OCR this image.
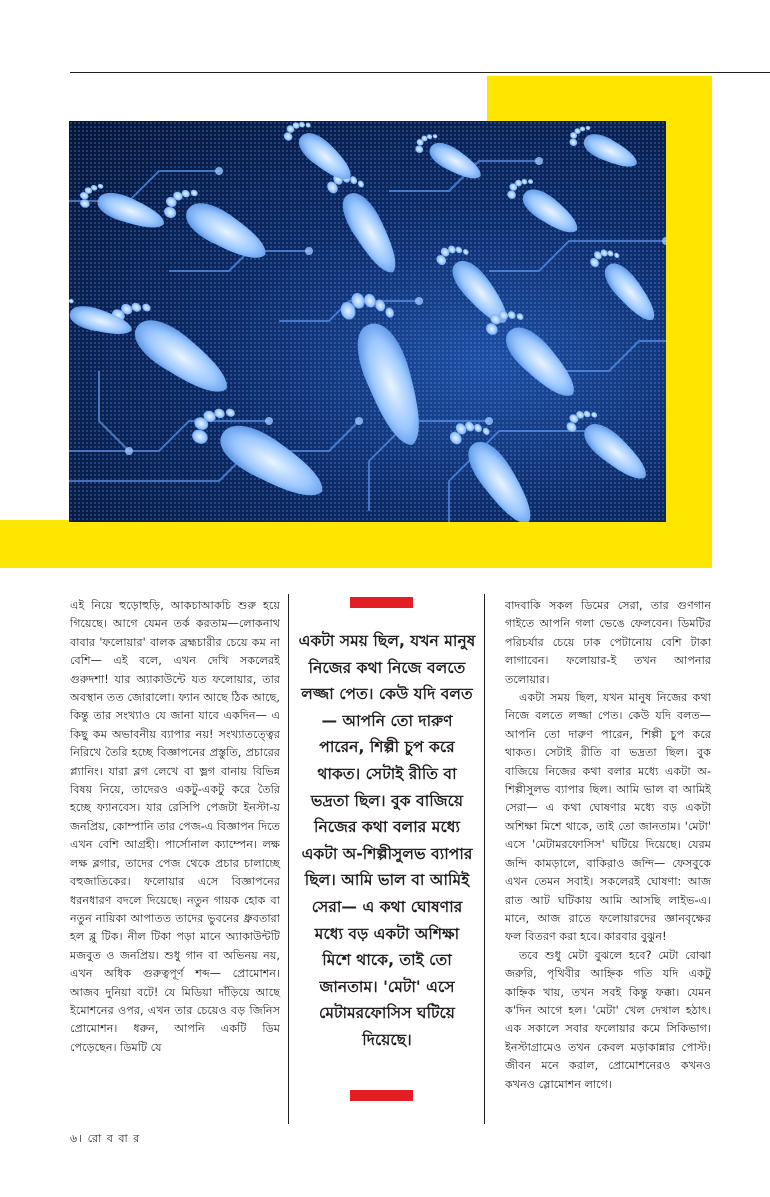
এই নিয়ে হুড়োহুড়ি, আকচাআকচি শুরু হয়ে গিয়েছে। আগে যেমন তর্ক করতাম—লোকনাথ বাবার 'ফলোয়ার' বালক ব্রহ্মচারীর চেয়ে কম না বেশি— এই বলে, এখন দেখি সকলেরই গুরুদশা! যার অ্যাকাউন্টে যত ফলোয়ার, তার অবস্থান তত জোরালো। ফ্যান আছে ঠিক আছে, কিন্তু তার সংখ্যাও যে জানা যাবে একদিন— এ কিছু কম অভাবনীয় ব্যাপার নয়! সংখ্যাতত্ত্বের নিরিখে তৈরি হচ্ছে বিজ্ঞাপনের প্রস্তুতি, প্রচারের প্ল্যানিং। যারা ব্লগ লেখে বা ভ্লগ বানায় বিভিন্ন বিষয় নিয়ে, তাদেরও একটু-একটু করে তৈরি হচ্ছে ফ্যানবেস। যার রেসিপি পেজটা ইনস্টা-য় জনপ্রিয়, কোম্পানি তার পেজ-এ বিজ্ঞাপন দিতে এখন বেশি আগ্রহী। পার্সোনাল ক্যাম্পেন। লক্ষ লক্ষ ব্লগার, তাদের পেজ থেকে প্রচার চালাচ্ছে বহুজাতিকের। ফলোয়ার এসে বিজ্ঞাপনের ধরনধারণ বদলে দিয়েছে। নতুন গায়ক হোক বা নতুন নায়িকা আপাতত তাদের ভুবনের ধ্রুবতারা হল ব্লু টিক। নীল টিকা পড়া মানে অ্যাকাউন্টটি মজবুত ও জনপ্রিয়। শুধু গান বা অভিনয় নয়, এখন অধিক গুরুত্বপূর্ণ শব্দ— প্রোমোশন। আজব দুনিয়া বটে! যে মিডিয়া দাঁড়িয়ে আছে ইমোশনের ওপর, এখন তার চেয়েও বড় জিনিস প্রোমোশন। ধরুন, আপনি একটি ডিম পেড়েছেন। ডিমটি যে

একটা সময় ছিল, যখন মানুষ নিজের কথা নিজে বলতে লজ্জা পেত। কেউ যদি বলত— আপনি তো দারুণ পারেন, শিল্পী চুপ করে থাকত। সেটাই রীতি বা ভদ্রতা ছিল। বুক বাজিয়ে নিজের কথা বলার মধ্যে একটা অ-শিল্পীসুলভ ব্যাপার ছিল। আমি ভাল বা আমিই সেরা— এ কথা ঘোষণার মধ্যে বড় একটা অশিক্ষা মিশে থাকে, তাই তো জানতাম। 'মেটা' এসে মেটামরফোসিস ঘটিয়ে দিয়েছে।

বাদবাকি সকল ডিমের সেরা, তার গুণগান গাইতে আপনি গলা ভেঙে ফেলবেন। ডিমটির পরিচর্যার চেয়ে ঢাক পেটানোয় বেশি টাকা লাগাবেন। ফলোয়ার-ই তখন আপনার তলোয়ার।

একটা সময় ছিল, যখন মানুষ নিজের কথা নিজে বলতে লজ্জা পেত। কেউ যদি বলত— আপনি তো দারুণ পারেন, শিল্পী চুপ করে থাকত। সেটাই রীতি বা ভদ্রতা ছিল। বুক বাজিয়ে নিজের কথা বলার মধ্যে একটা অ-শিল্পীসুলভ ব্যাপার ছিল। আমি ভাল বা আমিই সেরা— এ কথা ঘোষণার মধ্যে বড় একটা অশিক্ষা মিশে থাকে, তাই তো জানতাম। 'মেটা' এসে 'মেটামরফোসিস' ঘটিয়ে দিয়েছে। যেরম জন্দি কামড়ালে, বাকিরাও জন্দি— ফেসবুকে এখন তেমন সবাই। সকলেরই ঘোষণা: আজ রাত আট ঘটিকায় আমি আসছি লাইভ-এ। মানে, আজ রাতে ফলোয়ারদের জ্ঞানবৃক্ষের ফল বিতরণ করা হবে। কারবার বুঝুন!

তবে শুধু মেটা বুঝলে হবে? মেটা বোঝা জরুরি, পৃথিবীর আহ্নিক গতি যদি একটু কাহ্নিক খায়, তখন সবই কিন্তু ফক্কা। যেমন ক'দিন আগে হল। 'মেটা' খেল দেখাল হঠাৎ। এক সকালে সবার ফলোয়ার কমে সিকিভাগ। ইনস্টাগ্রামেও তখন কেবল মড়াকান্নার পোস্ট। জীবন মনে করাল, প্রোমোশনেরও কখনও কখনও স্লোমোশন লাগে।

৬। রো ব বা র
